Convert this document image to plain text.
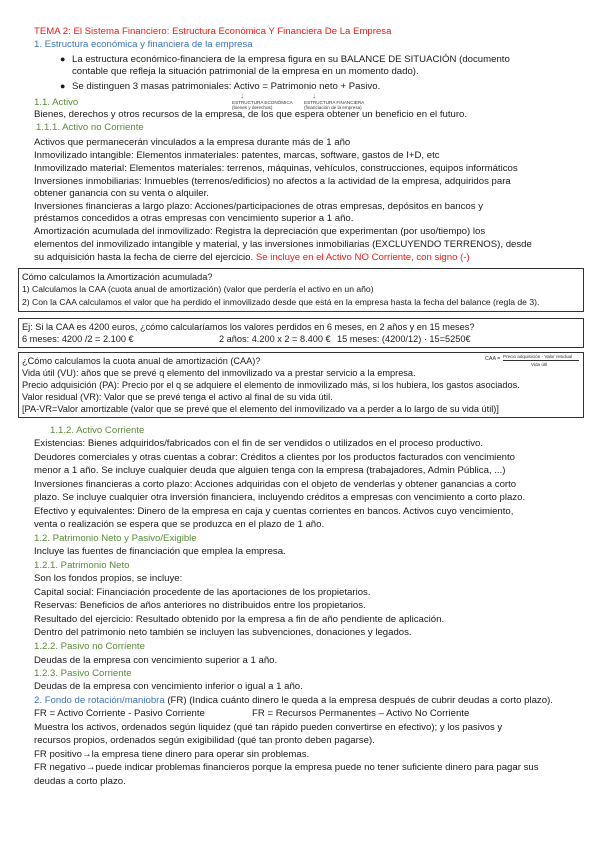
TEMA 2: El Sistema Financiero: Estructura Económica Y Financiera De La Empresa
1. Estructura económica y financiera de la empresa
● La estructura económico-financiera de la empresa figura en su BALANCE DE SITUACIÓN (documento
contable que refleja la situación patrimonial de la empresa en un momento dado).
● Se distinguen 3 masas patrimoniales: Activo = Patrimonio neto + Pasivo.
↓	↓
ESTRUCTURA ECONÓMICA
(bienes y derechos)
ESTRUCTURA FINANCIERA
(financiación de la empresa)
1.1. Activo
Bienes, derechos y otros recursos de la empresa, de los que espera obtener un beneficio en el futuro.
1.1.1. Activo no Corriente
Activos que permanecerán vinculados a la empresa durante más de 1 año
Inmovilizado intangible: Elementos inmateriales: patentes, marcas, software, gastos de I+D, etc
Inmovilizado material: Elementos materiales: terrenos, máquinas, vehículos, construcciones, equipos informáticos
Inversiones inmobiliarias: Inmuebles (terrenos/edificios) no afectos a la actividad de la empresa, adquiridos para
obtener ganancia con su venta o alquiler.
Inversiones financieras a largo plazo: Acciones/participaciones de otras empresas, depósitos en bancos y
préstamos concedidos a otras empresas con vencimiento superior a 1 año.
Amortización acumulada del inmovilizado: Registra la depreciación que experimentan (por uso/tiempo) los
elementos del inmovilizado intangible y material, y las inversiones inmobiliarias (EXCLUYENDO TERRENOS), desde
su adquisición hasta la fecha de cierre del ejercicio. Se incluye en el Activo NO Corriente, con signo (-)
Cómo calculamos la Amortización acumulada?
1) Calculamos la CAA (cuota anual de amortización) (valor que perdería el activo en un año)
2) Con la CAA calculamos el valor que ha perdido el inmovilizado desde que está en la empresa hasta la fecha del balance (regla de 3).
Ej: Si la CAA es 4200 euros, ¿cómo calcularíamos los valores perdidos en 6 meses, en 2 años y en 15 meses?
6 meses: 4200 /2 = 2.100 €	2 años: 4.200 x 2 = 8.400 € 15 meses: (4200/12) · 15=5250€
¿Cómo calculamos la cuota anual de amortización (CAA)?
Vida útil (VU): años que se prevé q elemento del inmovilizado va a prestar servicio a la empresa.
Precio adquisición (PA): Precio por el q se adquiere el elemento de inmovilizado más, si los hubiera, los gastos asociados.
Valor residual (VR): Valor que se prevé tenga el activo al final de su vida útil.
[PA-VR=Valor amortizable (valor que se prevé que el elemento del inmovilizado va a perder a lo largo de su vida útil)]
CAA = Precio adquisición - Valor residual
Vida útil
1.1.2. Activo Corriente
Existencias: Bienes adquiridos/fabricados con el fin de ser vendidos o utilizados en el proceso productivo.
Deudores comerciales y otras cuentas a cobrar: Créditos a clientes por los productos facturados con vencimiento
menor a 1 año. Se incluye cualquier deuda que alguien tenga con la empresa (trabajadores, Admin Pública, ...)
Inversiones financieras a corto plazo: Acciones adquiridas con el objeto de venderlas y obtener ganancias a corto
plazo. Se incluye cualquier otra inversión financiera, incluyendo créditos a empresas con vencimiento a corto plazo.
Efectivo y equivalentes: Dinero de la empresa en caja y cuentas corrientes en bancos. Activos cuyo vencimiento,
venta o realización se espera que se produzca en el plazo de 1 año.
1.2. Patrimonio Neto y Pasivo/Exigible
Incluye las fuentes de financiación que emplea la empresa.
1.2.1. Patrimonio Neto
Son los fondos propios, se incluye:
Capital social: Financiación procedente de las aportaciones de los propietarios.
Reservas: Beneficios de años anteriores no distribuidos entre los propietarios.
Resultado del ejercicio: Resultado obtenido por la empresa a fin de año pendiente de aplicación.
Dentro del patrimonio neto también se incluyen las subvenciones, donaciones y legados.
1.2.2. Pasivo no Corriente
Deudas de la empresa con vencimiento superior a 1 año.
1.2.3. Pasivo Corriente
Deudas de la empresa con vencimiento inferior o igual a 1 año.
2. Fondo de rotación/maniobra (FR) (Indica cuánto dinero le queda a la empresa después de cubrir deudas a corto plazo).
FR = Activo Corriente - Pasivo Corriente	FR = Recursos Permanentes – Activo No Corriente
Muestra los activos, ordenados según liquidez (qué tan rápido pueden convertirse en efectivo); y los pasivos y
recursos propios, ordenados según exigibilidad (qué tan pronto deben pagarse).
FR positivo→la empresa tiene dinero para operar sin problemas.
FR negativo→puede indicar problemas financieros porque la empresa puede no tener suficiente dinero para pagar sus
deudas a corto plazo.
